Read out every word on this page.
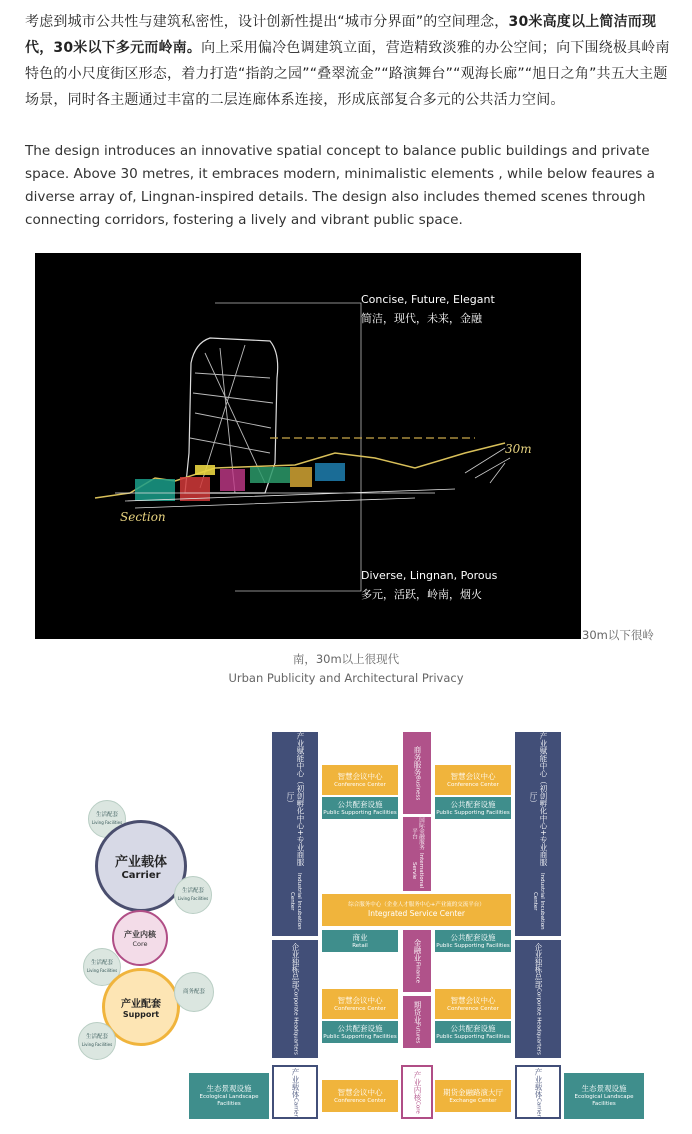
考虑到城市公共性与建筑私密性，设计创新性提出“城市分界面”的空间理念，30米高度以上简洁而现代，30米以下多元而岭南。向上采用偏冷色调建筑立面，营造精致淡雅的办公空间；向下围绕极具岭南特色的小尺度街区形态，着力打造“指韵之园”“叠翠流金”“路演舞台”“观海长廊”“旭日之角”共五大主题场景，同时各主题通过丰富的二层连廊体系连接，形成底部复合多元的公共活力空间。
The design introduces an innovative spatial concept to balance public buildings and private space. Above 30 metres, it embraces modern, minimalistic elements , while below feaures a diverse array of, Lingnan-inspired details. The design also includes themed scenes through connecting corridors, fostering a lively and vibrant public space.
30m
Section
Concise, Future, Elegant
简洁，现代，未来，金融
Diverse, Lingnan, Porous
多元，活跃，岭南，烟火
30m以下很岭
南，30m以上很现代
Urban Publicity and Architectural Privacy
生活配套
Living Facilities
产业载体
Carrier
生活配套
Living Facilities
产业内核
Core
生活配套
Living Facilities
产业配套
Support
商务配套
生活配套
Living Facilities
产业赋能中心（初创孵化中心+专业商服厅）
Industrial Incubation Center
产业赋能中心（初创孵化中心+专业商服厅）
Industrial Incubation Center
企业独栋总部
Corporate Headquarters
企业独栋总部
Corporate Headquarters
智慧会议中心
Conference Center
智慧会议中心
Conference Center
公共配套设施
Public Supporting Facilities
公共配套设施
Public Supporting Facilities
商务服务
Business
国际金融服务平台
International Servie
综合服务中心（企业人才服务中心+产业流的交流平台）
Integrated Service Center
商业
Retail
公共配套设施
Public Supporting Facilities
金融业
Finance
智慧会议中心
Conference Center
智慧会议中心
Conference Center
公共配套设施
Public Supporting Facilities
公共配套设施
Public Supporting Facilities
期货业
Futures
生态景观设施
Ecological Landscape
Facilities
产业载体
Carrier
智慧会议中心
Conference Center	产业内核
Core
期货金融路演大厅
Exchange Center
产业载体
Carrier
生态景观设施
Ecological Landscape
Facilities
